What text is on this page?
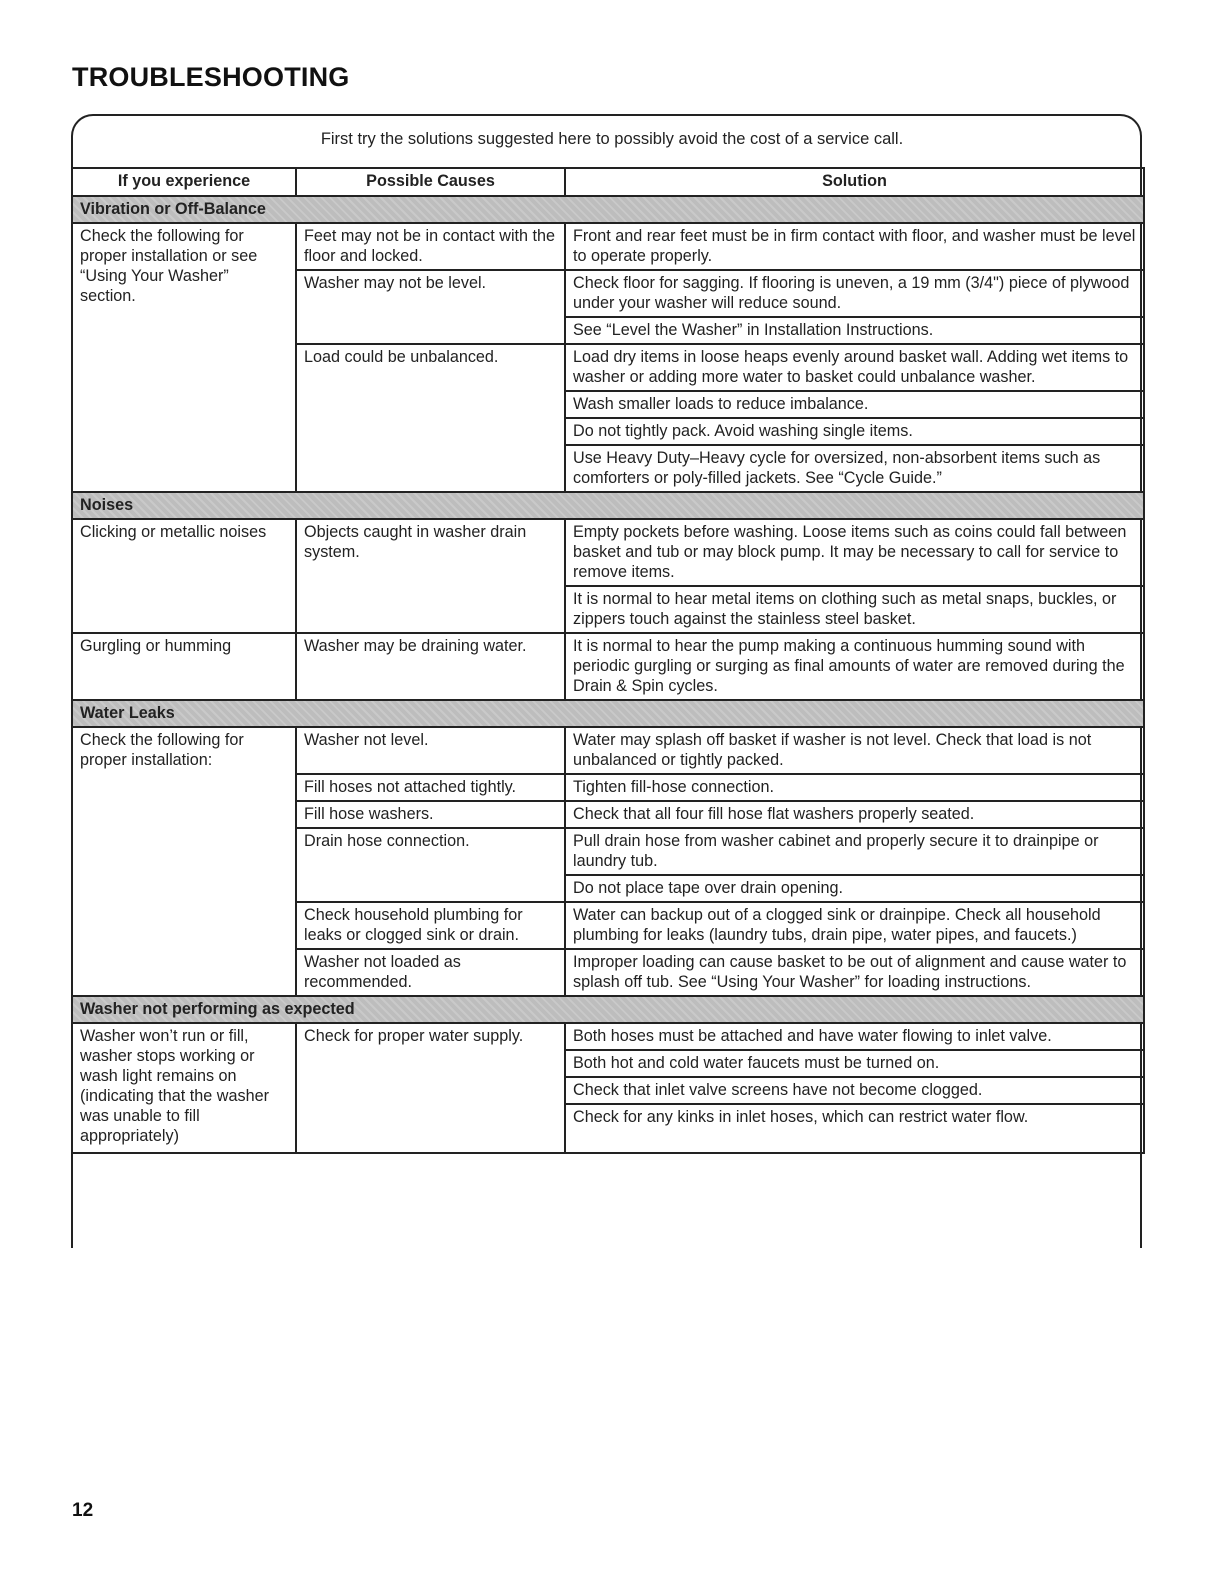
TROUBLESHOOTING
First try the solutions suggested here to possibly avoid the cost of a service call.
If you experience	Possible Causes	Solution
Vibration or Off-Balance		
Check the following for proper installation or see “Using Your Washer” section.	Feet may not be in contact with the floor and locked.	Front and rear feet must be in firm contact with floor, and washer must be level to operate properly.
	Washer may not be level.	Check floor for sagging. If flooring is uneven, a 19 mm (3/4") piece of plywood under your washer will reduce sound.
		See “Level the Washer” in Installation Instructions.
	Load could be unbalanced.	Load dry items in loose heaps evenly around basket wall. Adding wet items to washer or adding more water to basket could unbalance washer.
		Wash smaller loads to reduce imbalance.
		Do not tightly pack. Avoid washing single items.
		Use Heavy Duty–Heavy cycle for oversized, non-absorbent items such as comforters or poly-filled jackets. See “Cycle Guide.”
Noises		
Clicking or metallic noises	Objects caught in washer drain system.	Empty pockets before washing. Loose items such as coins could fall between basket and tub or may block pump. It may be necessary to call for service to remove items.
		It is normal to hear metal items on clothing such as metal snaps, buckles, or zippers touch against the stainless steel basket.
Gurgling or humming	Washer may be draining water.	It is normal to hear the pump making a continuous humming sound with periodic gurgling or surging as final amounts of water are removed during the Drain & Spin cycles.
Water Leaks		
Check the following for proper installation:	Washer not level.	Water may splash off basket if washer is not level. Check that load is not unbalanced or tightly packed.
	Fill hoses not attached tightly.	Tighten fill-hose connection.
	Fill hose washers.	Check that all four fill hose flat washers properly seated.
	Drain hose connection.	Pull drain hose from washer cabinet and properly secure it to drainpipe or laundry tub.
		Do not place tape over drain opening.
	Check household plumbing for leaks or clogged sink or drain.	Water can backup out of a clogged sink or drainpipe. Check all household plumbing for leaks (laundry tubs, drain pipe, water pipes, and faucets.)
	Washer not loaded as recommended.	Improper loading can cause basket to be out of alignment and cause water to splash off tub. See “Using Your Washer” for loading instructions.
Washer not performing as expected		
Washer won’t run or fill, washer stops working or wash light remains on (indicating that the washer was unable to fill appropriately)	Check for proper water supply.	Both hoses must be attached and have water flowing to inlet valve.
		Both hot and cold water faucets must be turned on.
		Check that inlet valve screens have not become clogged.
		Check for any kinks in inlet hoses, which can restrict water flow.
12
